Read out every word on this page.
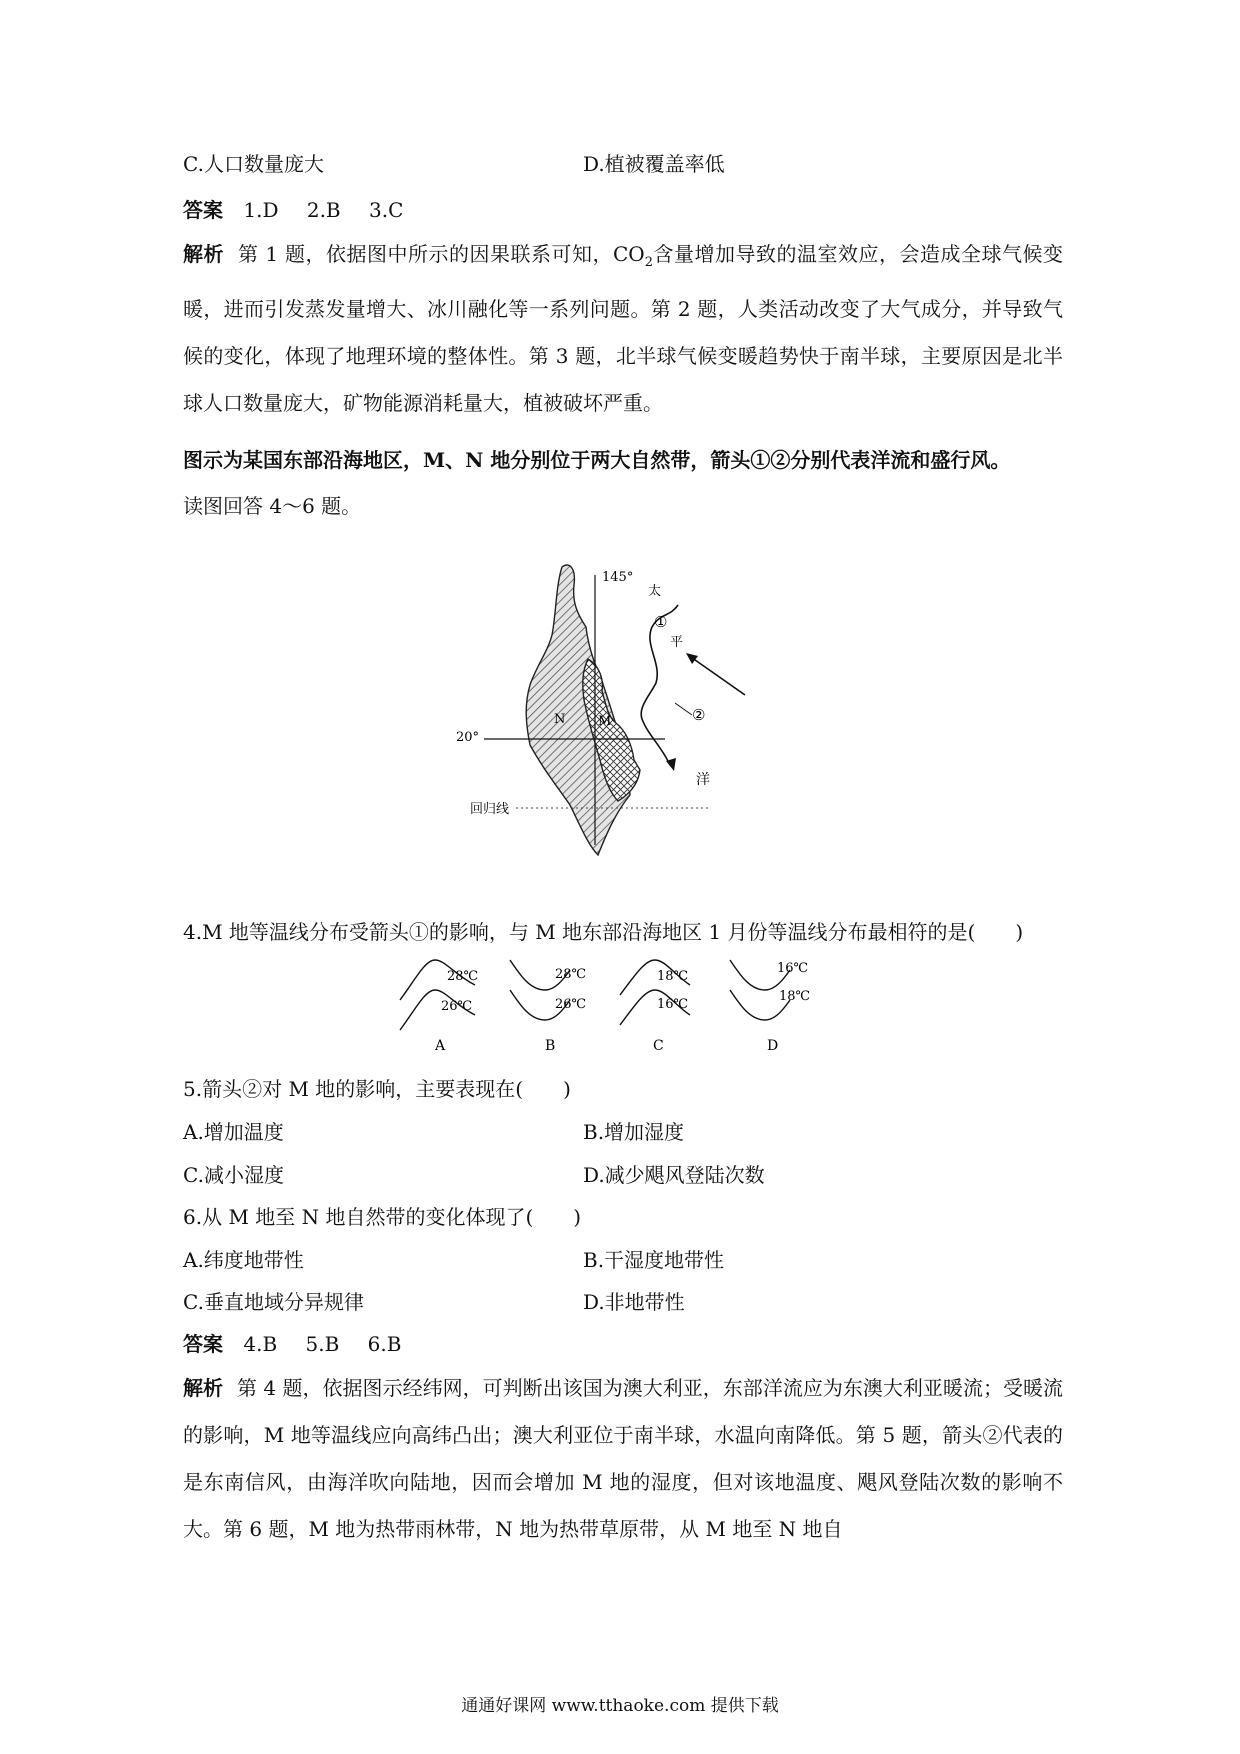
C.人口数量庞大	D.植被覆盖率低
答案 1.D 2.B 3.C
解析 第 1 题，依据图中所示的因果联系可知，$CO_2$含量增加导致的温室效应，会造成全球气候变暖，进而引发蒸发量增大、冰川融化等一系列问题。第 2 题，人类活动改变了大气成分，并导致气候的变化，体现了地理环境的整体性。第 3 题，北半球气候变暖趋势快于南半球，主要原因是北半球人口数量庞大，矿物能源消耗量大，植被破坏严重。
图示为某国东部沿海地区，M、N 地分别位于两大自然带，箭头①②分别代表洋流和盛行风。
读图回答 4～6 题。
145°
20°
回归线
N	M
①
②
太
平
洋
4.M 地等温线分布受箭头①的影响，与 M 地东部沿海地区 1 月份等温线分布最相符的是(　　)
28℃
26℃
A
28℃
26℃
B
18℃
16℃
C
16℃
18℃
D
5.箭头②对 M 地的影响，主要表现在(　　)
A.增加温度	B.增加湿度
C.减小湿度	D.减少飓风登陆次数
6.从 M 地至 N 地自然带的变化体现了(　　)
A.纬度地带性	B.干湿度地带性
C.垂直地域分异规律	D.非地带性
答案 4.B 5.B 6.B
解析 第 4 题，依据图示经纬网，可判断出该国为澳大利亚，东部洋流应为东澳大利亚暖流；受暖流的影响，M 地等温线应向高纬凸出；澳大利亚位于南半球，水温向南降低。第 5 题，箭头②代表的是东南信风，由海洋吹向陆地，因而会增加 M 地的湿度，但对该地温度、飓风登陆次数的影响不大。第 6 题，M 地为热带雨林带，N 地为热带草原带，从 M 地至 N 地自
通通好课网 www.tthaoke.com 提供下载
